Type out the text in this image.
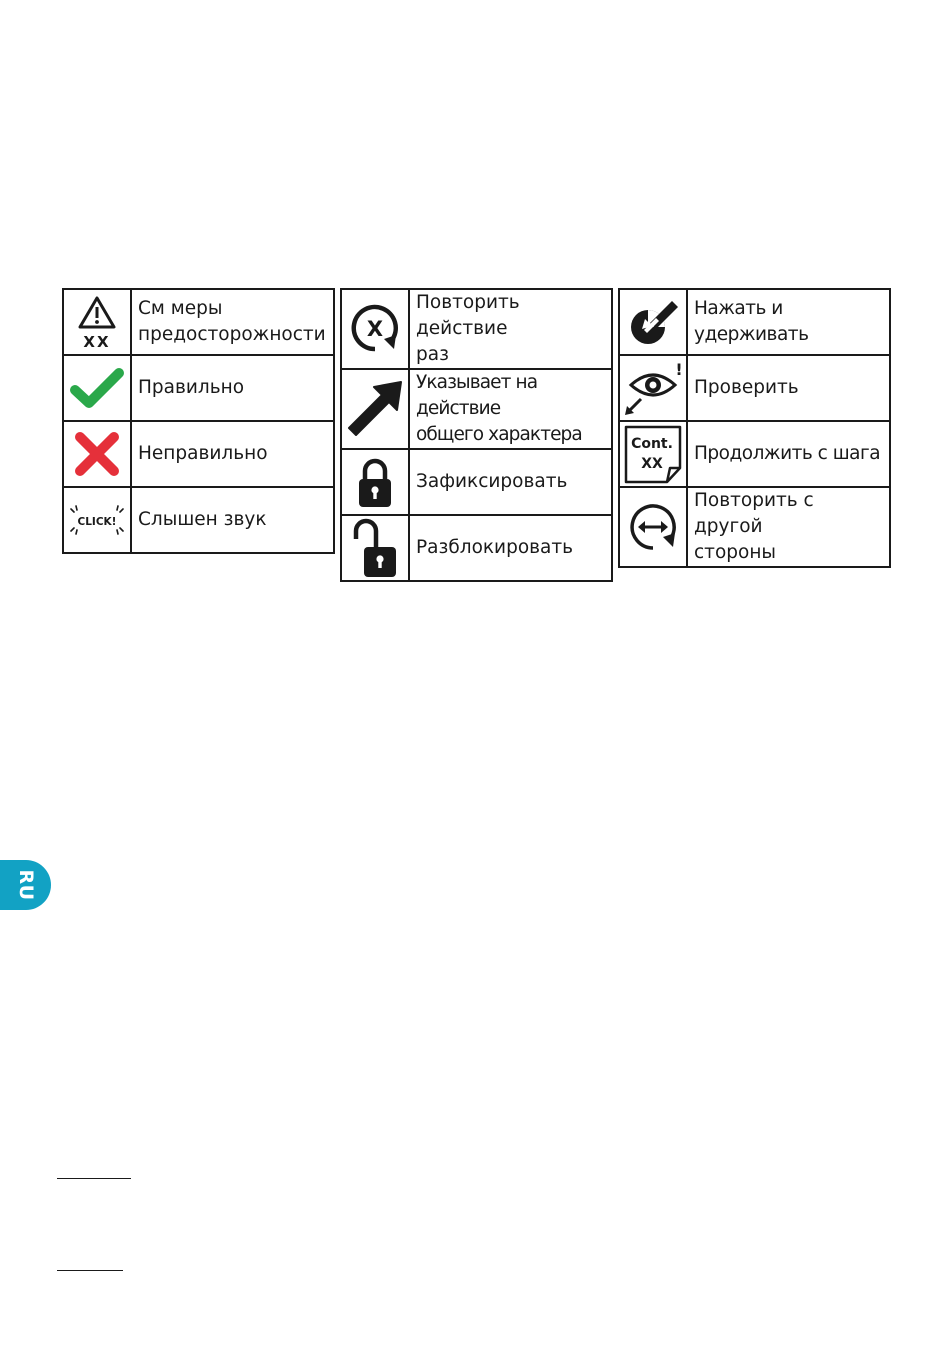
XX	См меры
предосторожности

	Правильно

	Неправильно

CLICK!	Слышен звук
X	Повторить действие
раз

	Указывает на действие
общего характера

	Зафиксировать

	Разблокировать
	Нажать и удерживать

!	Проверить

Cont.
XX	Продолжить с шага

	Повторить с другой
стороны
RU
